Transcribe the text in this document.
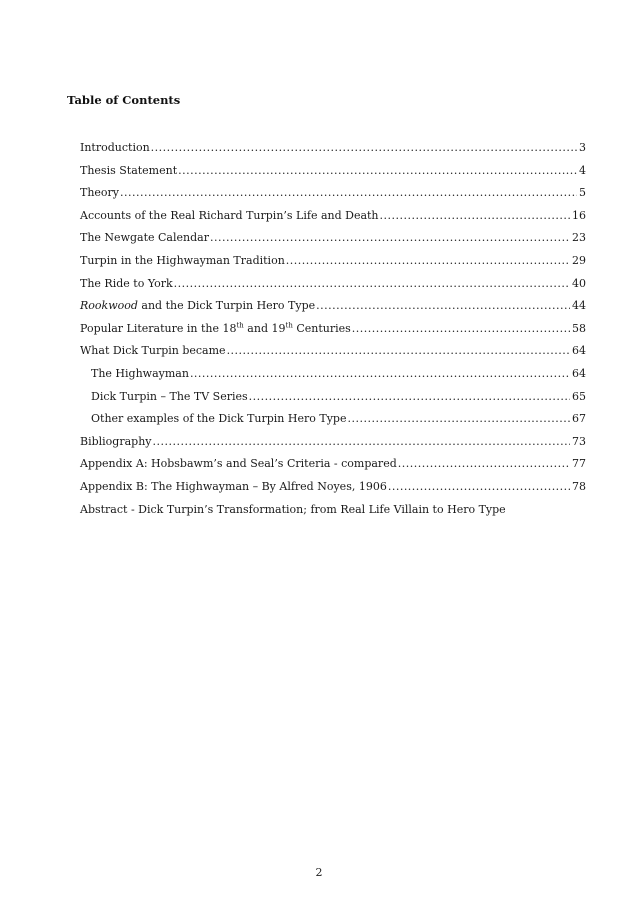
Table of Contents
Introduction .....	3
Thesis Statement .....	4
Theory .....	5
Accounts of the Real Richard Turpin’s Life and Death .....	16
The Newgate Calendar .....	23
Turpin in the Highwayman Tradition .....	29
The Ride to York .....	40
Rookwood and the Dick Turpin Hero Type .....	44
Popular Literature in the 18th and 19th Centuries .....	58
What Dick Turpin became .....	64
The Highwayman .....	64
Dick Turpin – The TV Series .....	65
Other examples of the Dick Turpin Hero Type .....	67
Bibliography .....	73
Appendix A: Hobsbawm’s and Seal’s Criteria - compared .....	77
Appendix B: The Highwayman – By Alfred Noyes, 1906 .....	78
Abstract - Dick Turpin’s Transformation; from Real Life Villain to Hero Type
2
